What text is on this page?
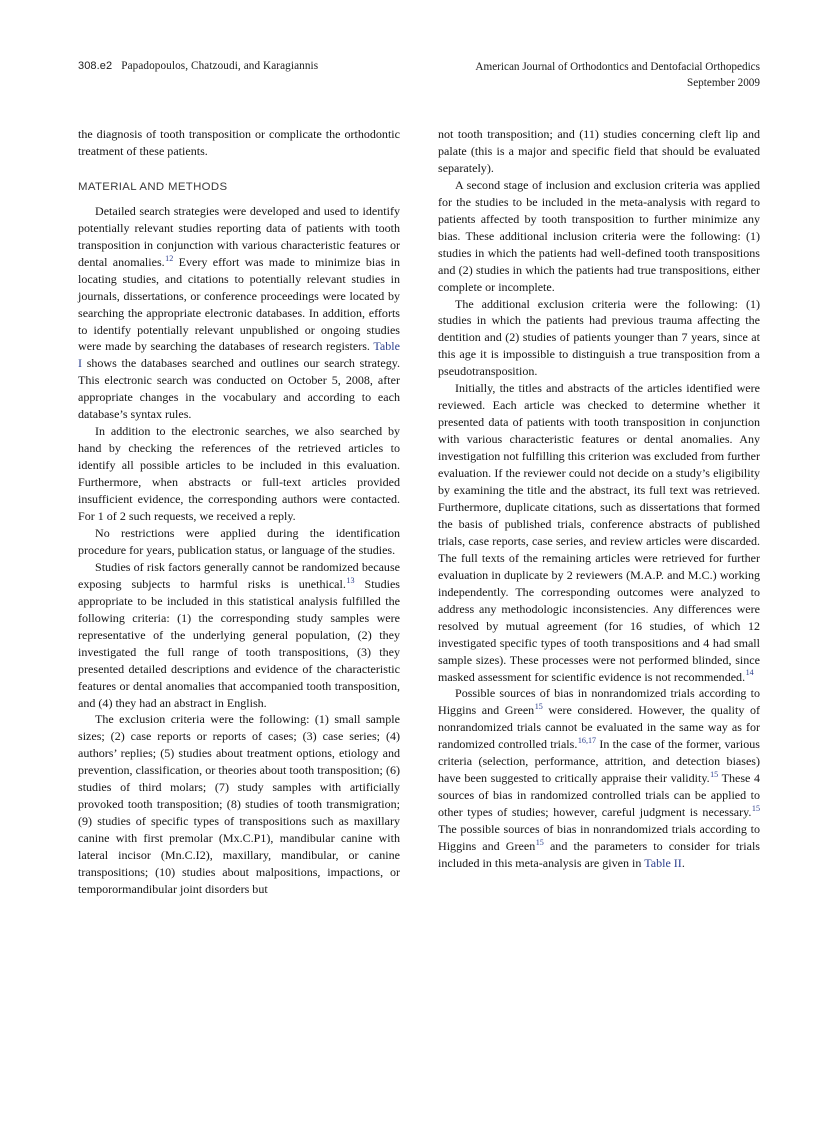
308.e2 Papadopoulos, Chatzoudi, and Karagiannis	American Journal of Orthodontics and Dentofacial Orthopedics
September 2009

the diagnosis of tooth transposition or complicate the orthodontic treatment of these patients.

MATERIAL AND METHODS

Detailed search strategies were developed and used to identify potentially relevant studies reporting data of patients with tooth transposition in conjunction with various characteristic features or dental anomalies.$^{12}$ Every effort was made to minimize bias in locating studies, and citations to potentially relevant studies in journals, dissertations, or conference proceedings were located by searching the appropriate electronic databases. In addition, efforts to identify potentially relevant unpublished or ongoing studies were made by searching the databases of research registers. Table I shows the databases searched and outlines our search strategy. This electronic search was conducted on October 5, 2008, after appropriate changes in the vocabulary and according to each database’s syntax rules.

In addition to the electronic searches, we also searched by hand by checking the references of the retrieved articles to identify all possible articles to be included in this evaluation. Furthermore, when abstracts or full-text articles provided insufficient evidence, the corresponding authors were contacted. For 1 of 2 such requests, we received a reply.

No restrictions were applied during the identification procedure for years, publication status, or language of the studies.

Studies of risk factors generally cannot be randomized because exposing subjects to harmful risks is unethical.$^{13}$ Studies appropriate to be included in this statistical analysis fulfilled the following criteria: (1) the corresponding study samples were representative of the underlying general population, (2) they investigated the full range of tooth transpositions, (3) they presented detailed descriptions and evidence of the characteristic features or dental anomalies that accompanied tooth transposition, and (4) they had an abstract in English.

The exclusion criteria were the following: (1) small sample sizes; (2) case reports or reports of cases; (3) case series; (4) authors’ replies; (5) studies about treatment options, etiology and prevention, classification, or theories about tooth transposition; (6) studies of third molars; (7) study samples with artificially provoked tooth transposition; (8) studies of tooth transmigration; (9) studies of specific types of transpositions such as maxillary canine with first premolar (Mx.C.P1), mandibular canine with lateral incisor (Mn.C.I2), maxillary, mandibular, or canine transpositions; (10) studies about malpositions, impactions, or temporormandibular joint disorders but

not tooth transposition; and (11) studies concerning cleft lip and palate (this is a major and specific field that should be evaluated separately).

A second stage of inclusion and exclusion criteria was applied for the studies to be included in the meta-analysis with regard to patients affected by tooth transposition to further minimize any bias. These additional inclusion criteria were the following: (1) studies in which the patients had well-defined tooth transpositions and (2) studies in which the patients had true transpositions, either complete or incomplete.

The additional exclusion criteria were the following: (1) studies in which the patients had previous trauma affecting the dentition and (2) studies of patients younger than 7 years, since at this age it is impossible to distinguish a true transposition from a pseudotransposition.

Initially, the titles and abstracts of the articles identified were reviewed. Each article was checked to determine whether it presented data of patients with tooth transposition in conjunction with various characteristic features or dental anomalies. Any investigation not fulfilling this criterion was excluded from further evaluation. If the reviewer could not decide on a study’s eligibility by examining the title and the abstract, its full text was retrieved. Furthermore, duplicate citations, such as dissertations that formed the basis of published trials, conference abstracts of published trials, case reports, case series, and review articles were discarded. The full texts of the remaining articles were retrieved for further evaluation in duplicate by 2 reviewers (M.A.P. and M.C.) working independently. The corresponding outcomes were analyzed to address any methodologic inconsistencies. Any differences were resolved by mutual agreement (for 16 studies, of which 12 investigated specific types of tooth transpositions and 4 had small sample sizes). These processes were not performed blinded, since masked assessment for scientific evidence is not recommended.$^{14}$

Possible sources of bias in nonrandomized trials according to Higgins and Green$^{15}$ were considered. However, the quality of nonrandomized trials cannot be evaluated in the same way as for randomized controlled trials.$^{16,17}$ In the case of the former, various criteria (selection, performance, attrition, and detection biases) have been suggested to critically appraise their validity.$^{15}$ These 4 sources of bias in randomized controlled trials can be applied to other types of studies; however, careful judgment is necessary.$^{15}$ The possible sources of bias in nonrandomized trials according to Higgins and Green$^{15}$ and the parameters to consider for trials included in this meta-analysis are given in Table II.
